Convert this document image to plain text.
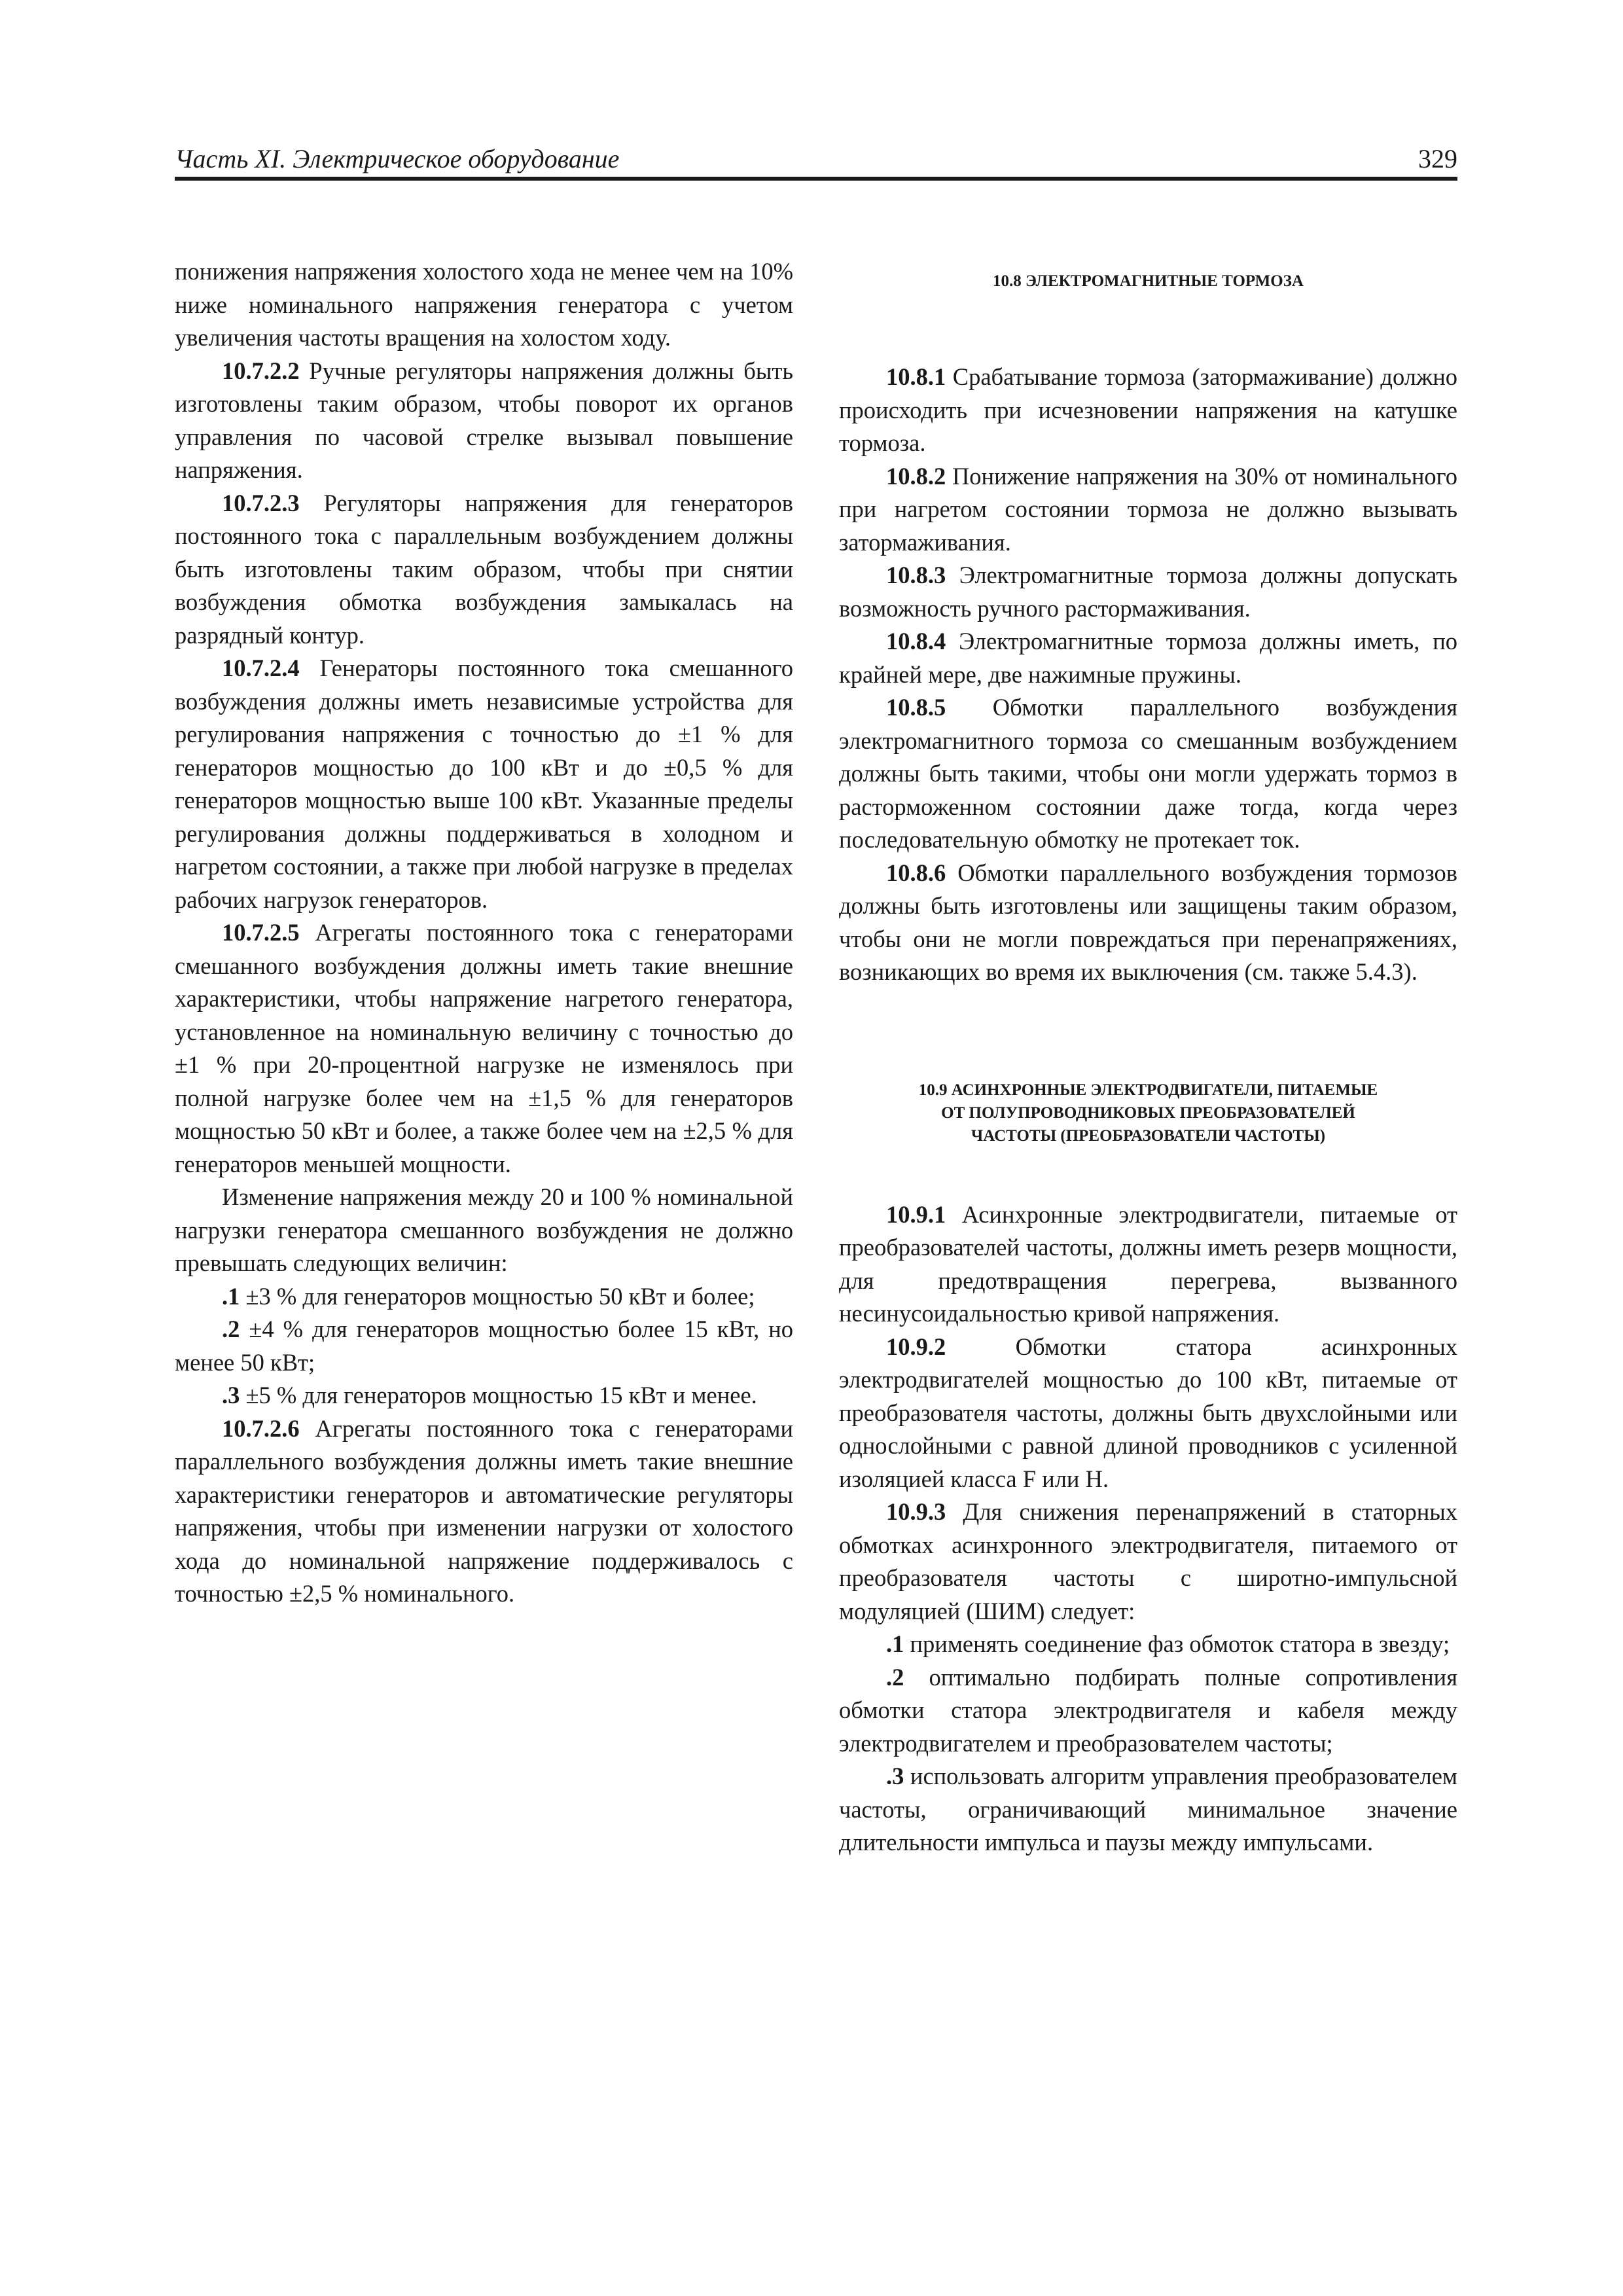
Часть XI. Электрическое оборудование	329

понижения напряжения холостого хода не менее чем на 10% ниже номинального напряжения генератора с учетом увеличения частоты вращения на холостом ходу.

10.7.2.2 Ручные регуляторы напряжения должны быть изготовлены таким образом, чтобы поворот их органов управления по часовой стрелке вызывал повышение напряжения.

10.7.2.3 Регуляторы напряжения для генераторов постоянного тока с параллельным возбуждением должны быть изготовлены таким образом, чтобы при снятии возбуждения обмотка возбуждения замыкалась на разрядный контур.

10.7.2.4 Генераторы постоянного тока смешанного возбуждения должны иметь независимые устройства для регулирования напряжения с точностью до ±1 % для генераторов мощностью до 100 кВт и до ±0,5 % для генераторов мощностью выше 100 кВт. Указанные пределы регулирования должны поддерживаться в холодном и нагретом состоянии, а также при любой нагрузке в пределах рабочих нагрузок генераторов.

10.7.2.5 Агрегаты постоянного тока с генераторами смешанного возбуждения должны иметь такие внешние характеристики, чтобы напряжение нагретого генератора, установленное на номинальную величину с точностью до ±1 % при 20-процентной нагрузке не изменялось при полной нагрузке более чем на ±1,5 % для генераторов мощностью 50 кВт и более, а также более чем на ±2,5 % для генераторов меньшей мощности.

Изменение напряжения между 20 и 100 % номинальной нагрузки генератора смешанного возбуждения не должно превышать следующих величин:

.1 ±3 % для генераторов мощностью 50 кВт и более;

.2 ±4 % для генераторов мощностью более 15 кВт, но менее 50 кВт;

.3 ±5 % для генераторов мощностью 15 кВт и менее.

10.7.2.6 Агрегаты постоянного тока с генераторами параллельного возбуждения должны иметь такие внешние характеристики генераторов и автоматические регуляторы напряжения, чтобы при изменении нагрузки от холостого хода до номинальной напряжение поддерживалось с точностью ±2,5 % номинального.

10.8 ЭЛЕКТРОМАГНИТНЫЕ ТОРМОЗА

10.8.1 Срабатывание тормоза (затормаживание) должно происходить при исчезновении напряжения на катушке тормоза.

10.8.2 Понижение напряжения на 30% от номинального при нагретом состоянии тормоза не должно вызывать затормаживания.

10.8.3 Электромагнитные тормоза должны допускать возможность ручного растормаживания.

10.8.4 Электромагнитные тормоза должны иметь, по крайней мере, две нажимные пружины.

10.8.5 Обмотки параллельного возбуждения электромагнитного тормоза со смешанным возбуждением должны быть такими, чтобы они могли удержать тормоз в расторможенном состоянии даже тогда, когда через последовательную обмотку не протекает ток.

10.8.6 Обмотки параллельного возбуждения тормозов должны быть изготовлены или защищены таким образом, чтобы они не могли повреждаться при перенапряжениях, возникающих во время их выключения (см. также 5.4.3).

10.9 АСИНХРОННЫЕ ЭЛЕКТРОДВИГАТЕЛИ, ПИТАЕМЫЕ
ОТ ПОЛУПРОВОДНИКОВЫХ ПРЕОБРАЗОВАТЕЛЕЙ
ЧАСТОТЫ (ПРЕОБРАЗОВАТЕЛИ ЧАСТОТЫ)

10.9.1 Асинхронные электродвигатели, питаемые от преобразователей частоты, должны иметь резерв мощности, для предотвращения перегрева, вызванного несинусоидальностью кривой напряжения.

10.9.2 Обмотки статора асинхронных электродвигателей мощностью до 100 кВт, питаемые от преобразователя частоты, должны быть двухслойными или однослойными с равной длиной проводников с усиленной изоляцией класса F или H.

10.9.3 Для снижения перенапряжений в статорных обмотках асинхронного электродвигателя, питаемого от преобразователя частоты с широтно-импульсной модуляцией (ШИМ) следует:

.1 применять соединение фаз обмоток статора в звезду;

.2 оптимально подбирать полные сопротивления обмотки статора электродвигателя и кабеля между электродвигателем и преобразователем частоты;

.3 использовать алгоритм управления преобразователем частоты, ограничивающий минимальное значение длительности импульса и паузы между импульсами.
